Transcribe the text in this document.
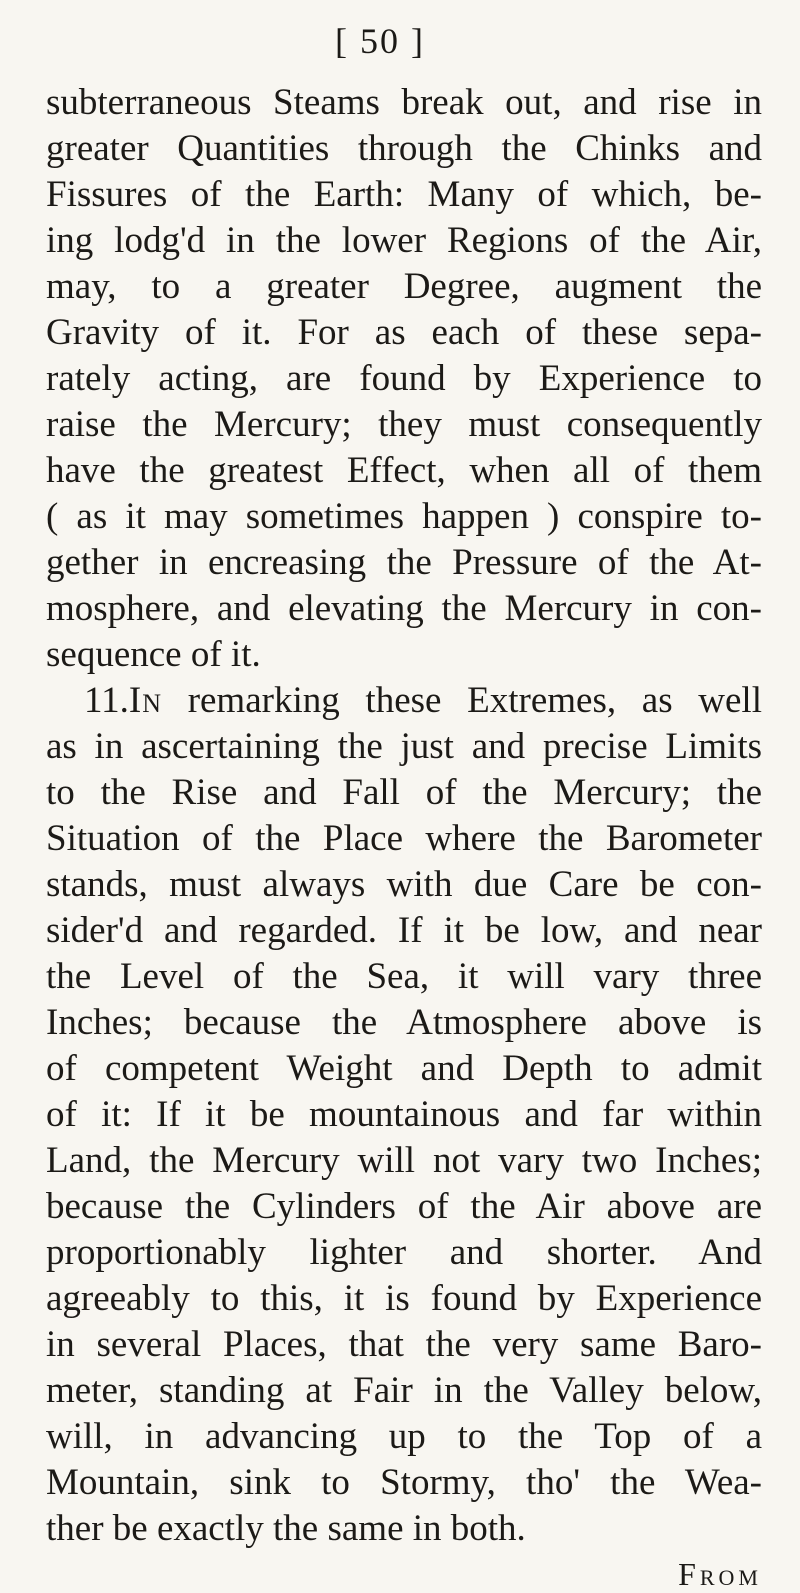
[ 50 ]
subterraneous Steams break out, and rise in
greater Quantities through the Chinks and
Fissures of the Earth: Many of which, be-
ing lodg'd in the lower Regions of the Air,
may, to a greater Degree, augment the
Gravity of it. For as each of these sepa-
rately acting, are found by Experience to
raise the Mercury; they must consequently
have the greatest Effect, when all of them
( as it may sometimes happen ) conspire to-
gether in encreasing the Pressure of the At-
mosphere, and elevating the Mercury in con-
sequence of it.
11.In remarking these Extremes, as well
as in ascertaining the just and precise Limits
to the Rise and Fall of the Mercury; the
Situation of the Place where the Barometer
stands, must always with due Care be con-
sider'd and regarded. If it be low, and near
the Level of the Sea, it will vary three
Inches; because the Atmosphere above is
of competent Weight and Depth to admit
of it: If it be mountainous and far within
Land, the Mercury will not vary two Inches;
because the Cylinders of the Air above are
proportionably lighter and shorter. And
agreeably to this, it is found by Experience
in several Places, that the very same Baro-
meter, standing at Fair in the Valley below,
will, in advancing up to the Top of a
Mountain, sink to Stormy, tho' the Wea-
ther be exactly the same in both.
From
